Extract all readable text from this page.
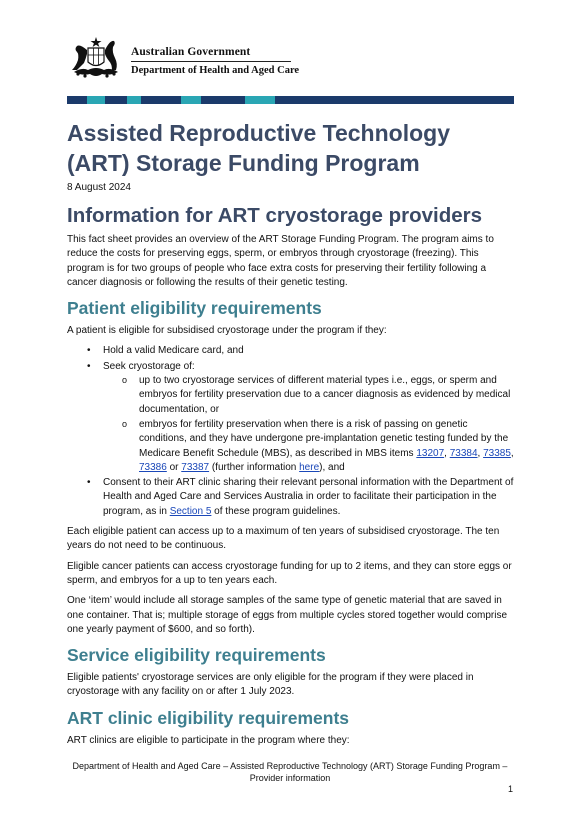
Australian Government
Department of Health and Aged Care
Assisted Reproductive Technology (ART) Storage Funding Program
8 August 2024
Information for ART cryostorage providers

This fact sheet provides an overview of the ART Storage Funding Program. The program aims to reduce the costs for preserving eggs, sperm, or embryos through cryostorage (freezing). This program is for two groups of people who face extra costs for preserving their fertility following a cancer diagnosis or following the results of their genetic testing.

Patient eligibility requirements

A patient is eligible for subsidised cryostorage under the program if they:

• Hold a valid Medicare card, and
• Seek cryostorage of:
o up to two cryostorage services of different material types i.e., eggs, or sperm and embryos for fertility preservation due to a cancer diagnosis as evidenced by medical documentation, or
o embryos for fertility preservation when there is a risk of passing on genetic conditions, and they have undergone pre-implantation genetic testing funded by the Medicare Benefit Schedule (MBS), as described in MBS items 13207, 73384, 73385, 73386 or 73387 (further information here), and
• Consent to their ART clinic sharing their relevant personal information with the Department of Health and Aged Care and Services Australia in order to facilitate their participation in the program, as in Section 5 of these program guidelines.

Each eligible patient can access up to a maximum of ten years of subsidised cryostorage. The ten years do not need to be continuous.

Eligible cancer patients can access cryostorage funding for up to 2 items, and they can store eggs or sperm, and embryos for a up to ten years each.

One ‘item’ would include all storage samples of the same type of genetic material that are saved in one container. That is; multiple storage of eggs from multiple cycles stored together would comprise one yearly payment of $600, and so forth).

Service eligibility requirements

Eligible patients' cryostorage services are only eligible for the program if they were placed in cryostorage with any facility on or after 1 July 2023.

ART clinic eligibility requirements

ART clinics are eligible to participate in the program where they:

Department of Health and Aged Care – Assisted Reproductive Technology (ART) Storage Funding Program – Provider information
1
